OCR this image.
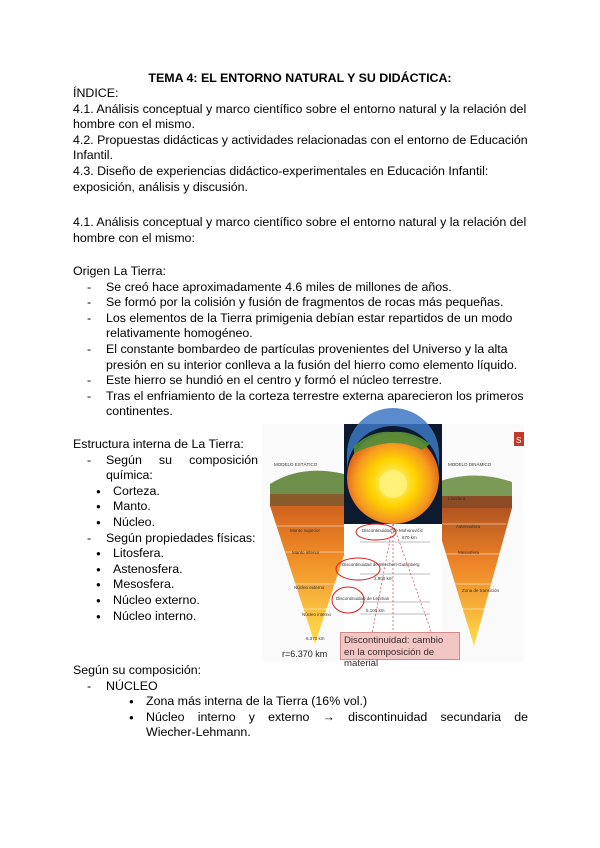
TEMA 4: EL ENTORNO NATURAL Y SU DIDÁCTICA:
ÍNDICE:
4.1. Análisis conceptual y marco científico sobre el entorno natural y la relación del
hombre con el mismo.
4.2. Propuestas didácticas y actividades relacionadas con el entorno de Educación
Infantil.
4.3. Diseño de experiencias didáctico-experimentales en Educación Infantil:
exposición, análisis y discusión.
4.1. Análisis conceptual y marco científico sobre el entorno natural y la relación del
hombre con el mismo:
Origen La Tierra:
- Se creó hace aproximadamente 4.6 miles de millones de años.
- Se formó por la colisión y fusión de fragmentos de rocas más pequeñas.
- Los elementos de la Tierra primigenia debían estar repartidos de un modo
relativamente homogéneo.
- El constante bombardeo de partículas provenientes del Universo y la alta
presión en su interior conlleva a la fusión del hierro como elemento líquido.
- Este hierro se hundió en el centro y formó el núcleo terrestre.
- Tras el enfriamiento de la corteza terrestre externa aparecieron los primeros
continentes.
Estructura interna de La Tierra:
- Según su composición
química:
● Corteza.
● Manto.
● Núcleo.
- Según propiedades físicas:
● Litosfera.
● Astenosfera.
● Mesosfera.
● Núcleo externo.
● Núcleo interno.
MODELO ESTÁTICO	MODELO DINÁMICO
Manto superior
Manto inferior
Núcleo externo
Núcleo interno
Litosfera
Astenosfera
Mesosfera
Zona de transición
Discontinuidad de Mohorovičić
Discontinuidad de Wiechert-Gutenberg
Discontinuidad de Lehman
670 km
2.900 km
5.100 km
6.370 km
S
Discontinuidad: cambio en la composición de material
r=6.370 km
Según su composición:
- NÚCLEO
● Zona más interna de la Tierra (16% vol.)
● Núcleo interno y externo → discontinuidad secundaria de
Wiecher-Lehmann.
